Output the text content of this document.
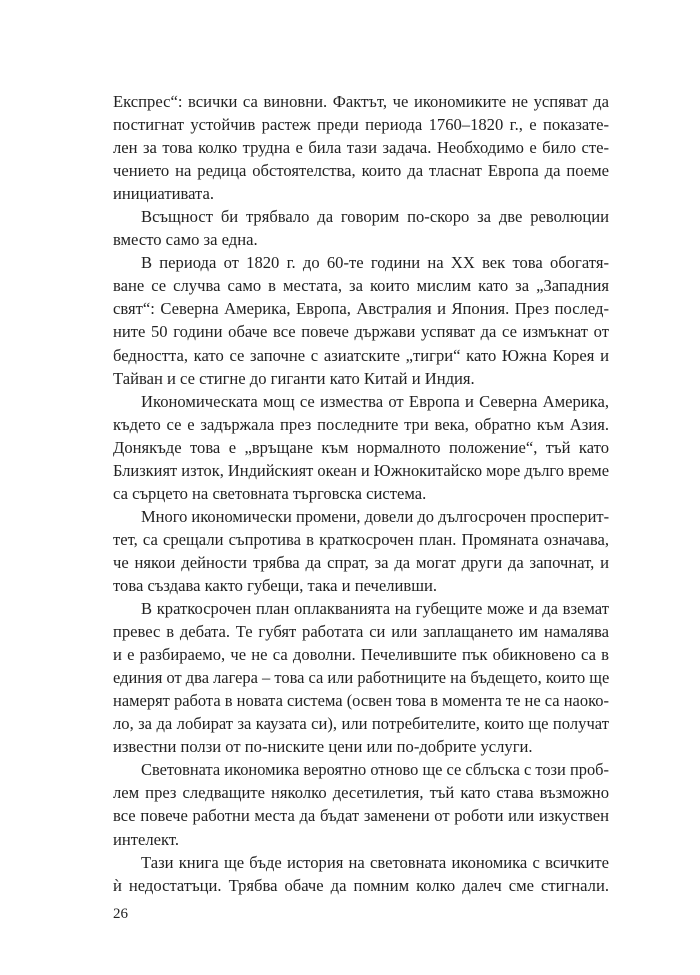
Експрес“: всички са виновни. Фактът, че икономиките не успяват да
постигнат устойчив растеж преди периода 1760–1820 г., е показате-
лен за това колко трудна е била тази задача. Необходимо е било сте-
чението на редица обстоятелства, които да тласнат Европа да поеме
инициативата.
Всъщност би трябвало да говорим по-скоро за две революции
вместо само за една.
В периода от 1820 г. до 60-те години на XX век това обогатя-
ване се случва само в местата, за които мислим като за „Западния
свят“: Северна Америка, Европа, Австралия и Япония. През послед-
ните 50 години обаче все повече държави успяват да се измъкнат от
бедността, като се започне с азиатските „тигри“ като Южна Корея и
Тайван и се стигне до гиганти като Китай и Индия.
Икономическата мощ се измества от Европа и Северна Америка,
където се е задържала през последните три века, обратно към Азия.
Донякъде това е „връщане към нормалното положение“, тъй като
Близкият изток, Индийският океан и Южнокитайско море дълго време
са сърцето на световната търговска система.
Много икономически промени, довели до дългосрочен просперит-
тет, са срещали съпротива в краткосрочен план. Промяната означава,
че някои дейности трябва да спрат, за да могат други да започнат, и
това създава както губещи, така и печеливши.
В краткосрочен план оплакванията на губещите може и да вземат
превес в дебата. Те губят работата си или заплащането им намалява
и е разбираемо, че не са доволни. Печелившите пък обикновено са в
единия от два лагера – това са или работниците на бъдещето, които ще
намерят работа в новата система (освен това в момента те не са наоко-
ло, за да лобират за каузата си), или потребителите, които ще получат
известни ползи от по-ниските цени или по-добрите услуги.
Световната икономика вероятно отново ще се сблъска с този проб-
лем през следващите няколко десетилетия, тъй като става възможно
все повече работни места да бъдат заменени от роботи или изкуствен
интелект.
Тази книга ще бъде история на световната икономика с всичките
ѝ недостатъци. Трябва обаче да помним колко далеч сме стигнали.
26
